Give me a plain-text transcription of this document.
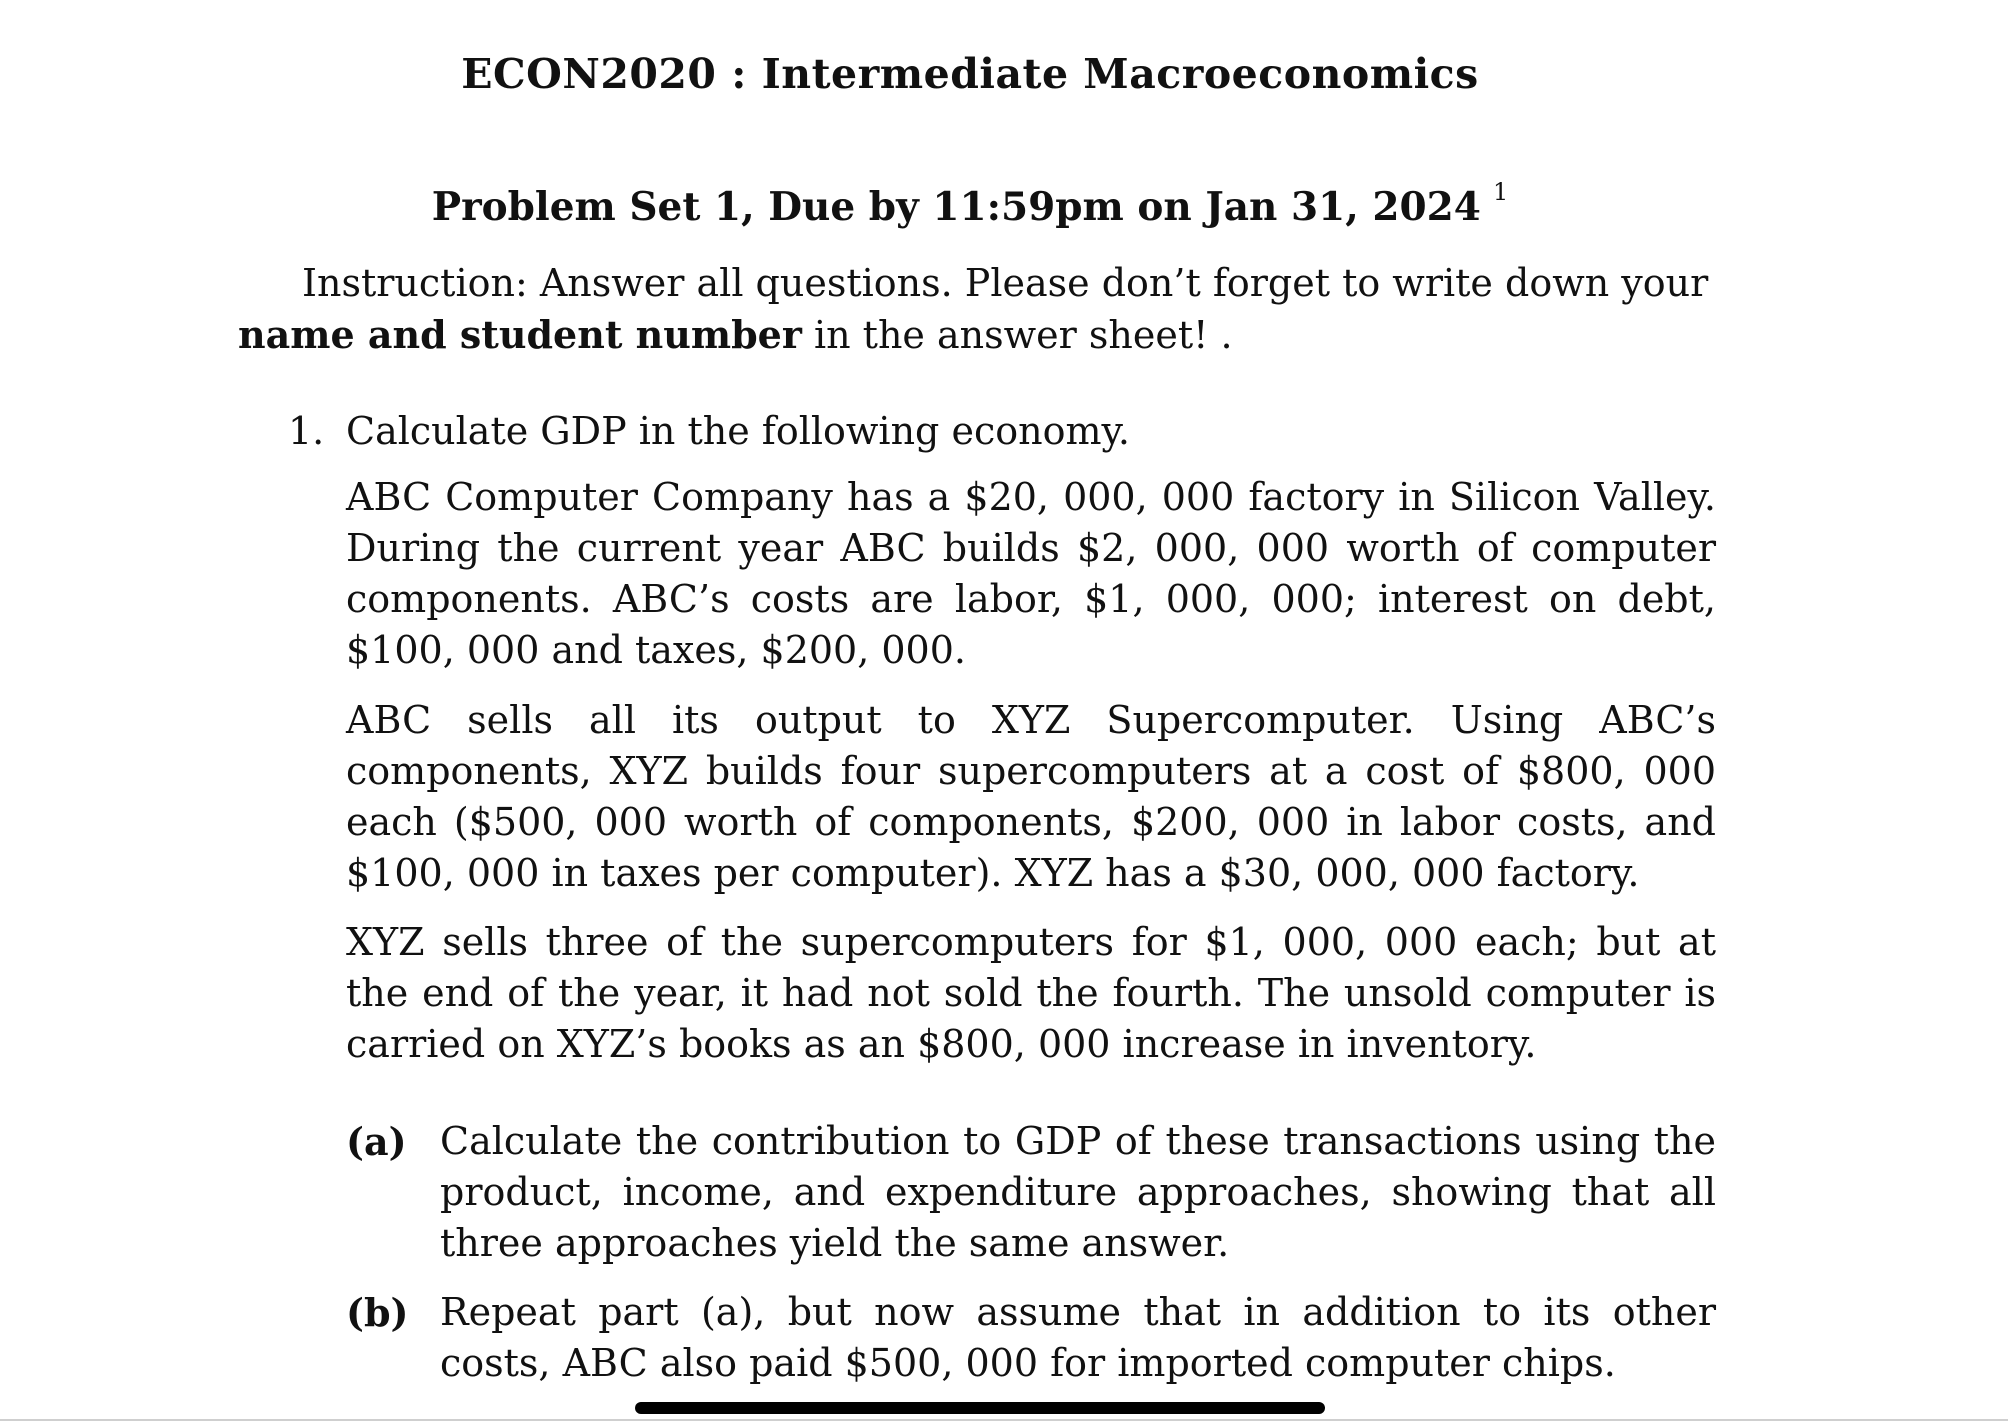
ECON2020 : Intermediate Macroeconomics
Problem Set 1, Due by 11:59pm on Jan 31, 2024 $^1$
Instruction: Answer all questions. Please don’t forget to write down your
name and student number in the answer sheet! .
1. Calculate GDP in the following economy.
ABC Computer Company has a $20, 000, 000 factory in Silicon Valley. During the current year ABC builds $2, 000, 000 worth of computer components. ABC’s costs are labor, $1, 000, 000; interest on debt, $100, 000 and taxes, $200, 000.
ABC sells all its output to XYZ Supercomputer. Using ABC’s components, XYZ builds four supercomputers at a cost of $800, 000 each ($500, 000 worth of components, $200, 000 in labor costs, and $100, 000 in taxes per computer). XYZ has a $30, 000, 000 factory.
XYZ sells three of the supercomputers for $1, 000, 000 each; but at the end of the year, it had not sold the fourth. The unsold computer is carried on XYZ’s books as an $800, 000 increase in inventory.
(a) Calculate the contribution to GDP of these transactions using the product, income, and expenditure approaches, showing that all three approaches yield the same answer.
(b) Repeat part (a), but now assume that in addition to its other costs, ABC also paid $500, 000 for imported computer chips.
